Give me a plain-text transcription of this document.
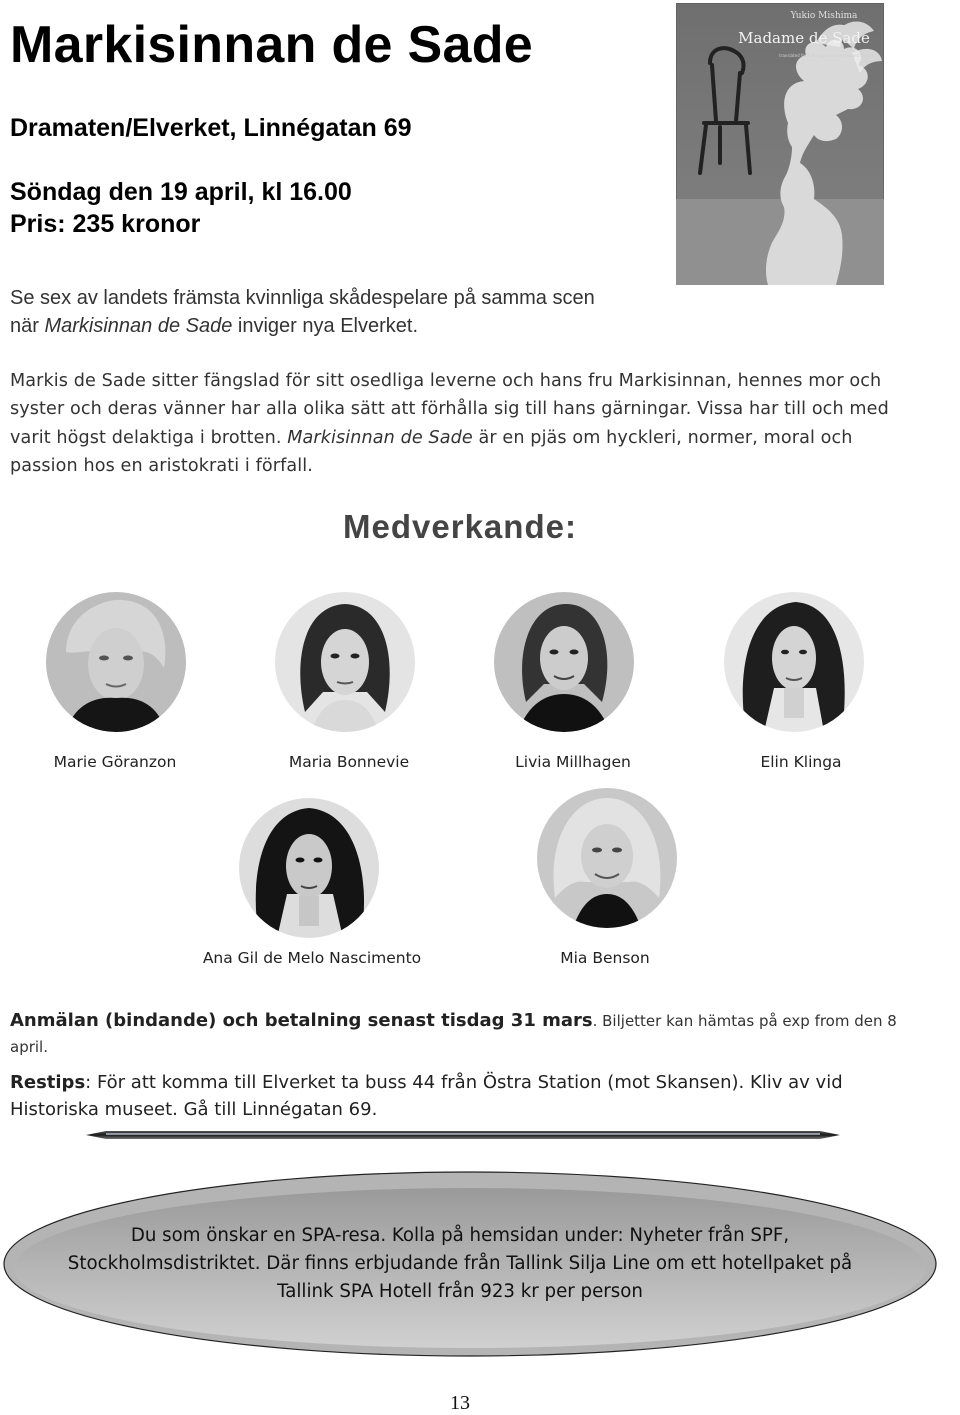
Markisinnan de Sade

Dramaten/Elverket, Linnégatan 69

Söndag den 19 april, kl 16.00

Pris: 235 kronor

Yukio Mishima
Madame de Sade
translated from the Japanese by Donald Keene

Se sex av landets främsta kvinnliga skådespelare på samma scen

när Markisinnan de Sade inviger nya Elverket.

Markis de Sade sitter fängslad för sitt osedliga leverne och hans fru Markisinnan, hennes mor och syster och deras vänner har alla olika sätt att förhålla sig till hans gärningar. Vissa har till och med varit högst delaktiga i brotten. Markisinnan de Sade är en pjäs om hyckleri, normer, moral och passion hos en aristokrati i förfall.

Medverkande:
Marie Göranzon	Maria Bonnevie	Livia Millhagen	Elin Klinga
Ana Gil de Melo Nascimento	Mia Benson

Anmälan (bindande) och betalning senast tisdag 31 mars. Biljetter kan hämtas på exp from den 8 april.

Restips: För att komma till Elverket ta buss 44 från Östra Station (mot Skansen). Kliv av vid Historiska museet. Gå till Linnégatan 69.

Du som önskar en SPA-resa. Kolla på hemsidan under: Nyheter från SPF,
Stockholmsdistriktet. Där finns erbjudande från Tallink Silja Line om ett hotellpaket på
Tallink SPA Hotell från 923 kr per person
13
